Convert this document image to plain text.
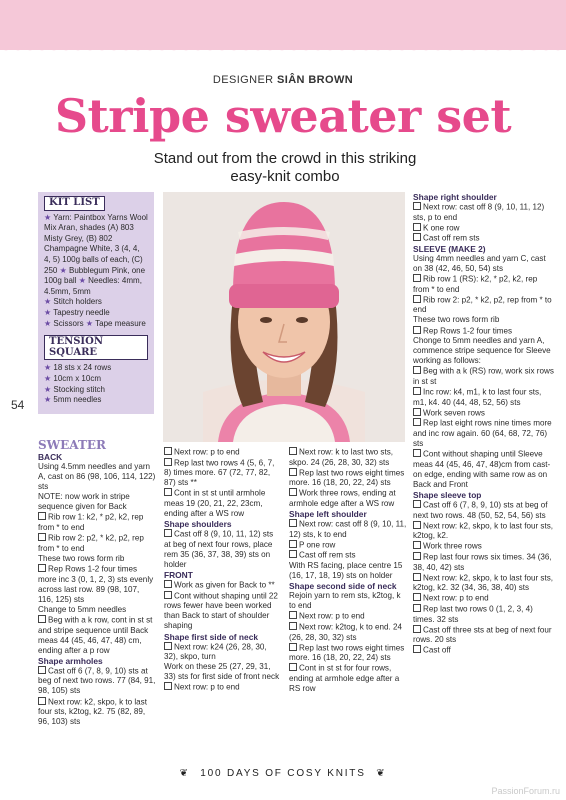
DESIGNER SIÂN BROWN
Stripe sweater set
Stand out from the crowd in this striking easy-knit combo
KIT LIST
★ Yarn: Paintbox Yarns Wool Mix Aran, shades (A) 803 Misty Grey, (B) 802 Champagne White, 3 (4, 4, 4, 5) 100g balls of each, (C) 250 ★ Bubblegum Pink, one 100g ball ★ Needles: 4mm, 4.5mm, 5mm
★ Stitch holders
★ Tapestry needle
★ Scissors ★ Tape measure
TENSION SQUARE
★ 18 sts x 24 rows
★ 10cm x 10cm
★ Stocking stitch
★ 5mm needles
54

SWEATER

BACK

Using 4.5mm needles and yarn A, cast on 86 (98, 106, 114, 122) sts

NOTE: now work in stripe sequence given for Back

Rib row 1: k2, * p2, k2, rep from * to end

Rib row 2: p2, * k2, p2, rep from * to end

These two rows form rib

Rep Rows 1-2 four times more inc 3 (0, 1, 2, 3) sts evenly across last row. 89 (98, 107, 116, 125) sts

Change to 5mm needles

Beg with a k row, cont in st st and stripe sequence until Back meas 44 (45, 46, 47, 48) cm, ending after a p row

Shape armholes

Cast off 6 (7, 8, 9, 10) sts at beg of next two rows. 77 (84, 91, 98, 105) sts

Next row: k2, skpo, k to last four sts, k2tog, k2. 75 (82, 89, 96, 103) sts

Next row: p to end

Rep last two rows 4 (5, 6, 7, 8) times more. 67 (72, 77, 82, 87) sts **

Cont in st st until armhole meas 19 (20, 21, 22, 23cm, ending after a WS row

Shape shoulders

Cast off 8 (9, 10, 11, 12) sts at beg of next four rows, place rem 35 (36, 37, 38, 39) sts on holder

FRONT

Work as given for Back to **

Cont without shaping until 22 rows fewer have been worked than Back to start of shoulder shaping

Shape first side of neck

Next row: k24 (26, 28, 30, 32), skpo, turn

Work on these 25 (27, 29, 31, 33) sts for first side of front neck

Next row: p to end

Next row: k to last two sts, skpo. 24 (26, 28, 30, 32) sts

Rep last two rows eight times more. 16 (18, 20, 22, 24) sts

Work three rows, ending at armhole edge after a WS row

Shape left shoulder

Next row: cast off 8 (9, 10, 11, 12) sts, k to end

P one row

Cast off rem sts

With RS facing, place centre 15 (16, 17, 18, 19) sts on holder

Shape second side of neck

Rejoin yarn to rem sts, k2tog, k to end

Next row: p to end

Next row: k2tog, k to end. 24 (26, 28, 30, 32) sts

Rep last two rows eight times more. 16 (18, 20, 22, 24) sts

Cont in st st for four rows, ending at armhole edge after a RS row

Shape right shoulder

Next row: cast off 8 (9, 10, 11, 12) sts, p to end

K one row

Cast off rem sts

SLEEVE (MAKE 2)

Using 4mm needles and yarn C, cast on 38 (42, 46, 50, 54) sts

Rib row 1 (RS): k2, * p2, k2, rep from * to end

Rib row 2: p2, * k2, p2, rep from * to end

These two rows form rib

Rep Rows 1-2 four times

Chonge to 5mm needles and yarn A, commence stripe sequence for Sleeve working as follows:

Beg with a k (RS) row, work six rows in st st

Inc row: k4, m1, k to last four sts, m1, k4. 40 (44, 48, 52, 56) sts

Work seven rows

Rep last eight rows nine times more and inc row again. 60 (64, 68, 72, 76) sts

Cont without shaping until Sleeve meas 44 (45, 46, 47, 48)cm from cast-on edge, ending with same row as on Back and Front

Shape sleeve top

Cast off 6 (7, 8, 9, 10) sts at beg of next two rows. 48 (50, 52, 54, 56) sts

Next row: k2, skpo, k to last four sts, k2tog, k2.

Work three rows

Rep last four rows six times. 34 (36, 38, 40, 42) sts

Next row: k2, skpo, k to last four sts, k2tog, k2. 32 (34, 36, 38, 40) sts

Next row: p to end

Rep last two rows 0 (1, 2, 3, 4) times. 32 sts

Cast off three sts at beg of next four rows. 20 sts

Cast off

❦ 100 DAYS OF COSY KNITS ❦
PassionForum.ru
